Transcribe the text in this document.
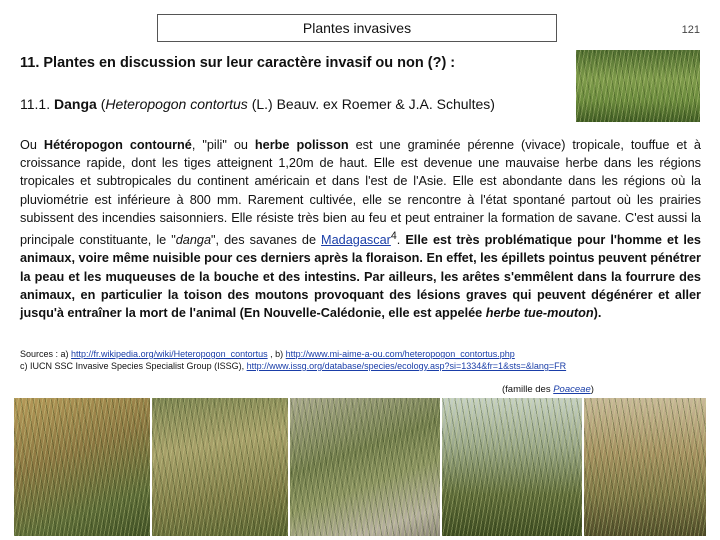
Plantes invasives	121
11. Plantes en discussion sur leur caractère invasif ou non (?) :
11.1. Danga (Heteropogon contortus (L.) Beauv. ex Roemer & J.A. Schultes)
Ou Hétéropogon contourné, "pili" ou herbe polisson est une graminée pérenne (vivace) tropicale, touffue et à croissance rapide, dont les tiges atteignent 1,20m de haut. Elle est devenue une mauvaise herbe dans les régions tropicales et subtropicales du continent américain et dans l'est de l'Asie. Elle est abondante dans les régions où la pluviométrie est inférieure à 800 mm. Rarement cultivée, elle se rencontre à l'état spontané partout où les prairies subissent des incendies saisonniers. Elle résiste très bien au feu et peut entrainer la formation de savane. C'est aussi la principale constituante, le "danga", des savanes de Madagascar$^4$. Elle est très problématique pour l'homme et les animaux, voire même nuisible pour ces derniers après la floraison. En effet, les épillets pointus peuvent pénétrer la peau et les muqueuses de la bouche et des intestins. Par ailleurs, les arêtes s'emmêlent dans la fourrure des animaux, en particulier la toison des moutons provoquant des lésions graves qui peuvent dégénérer et aller jusqu'à entraîner la mort de l'animal (En Nouvelle-Calédonie, elle est appelée herbe tue-mouton).
Sources : a) http://fr.wikipedia.org/wiki/Heteropogon_contortus , b) http://www.mi-aime-a-ou.com/heteropogon_contortus.php
c) IUCN SSC Invasive Species Specialist Group (ISSG), http://www.issg.org/database/species/ecology.asp?si=1334&fr=1&sts=&lang=FR
(famille des Poaceae)
